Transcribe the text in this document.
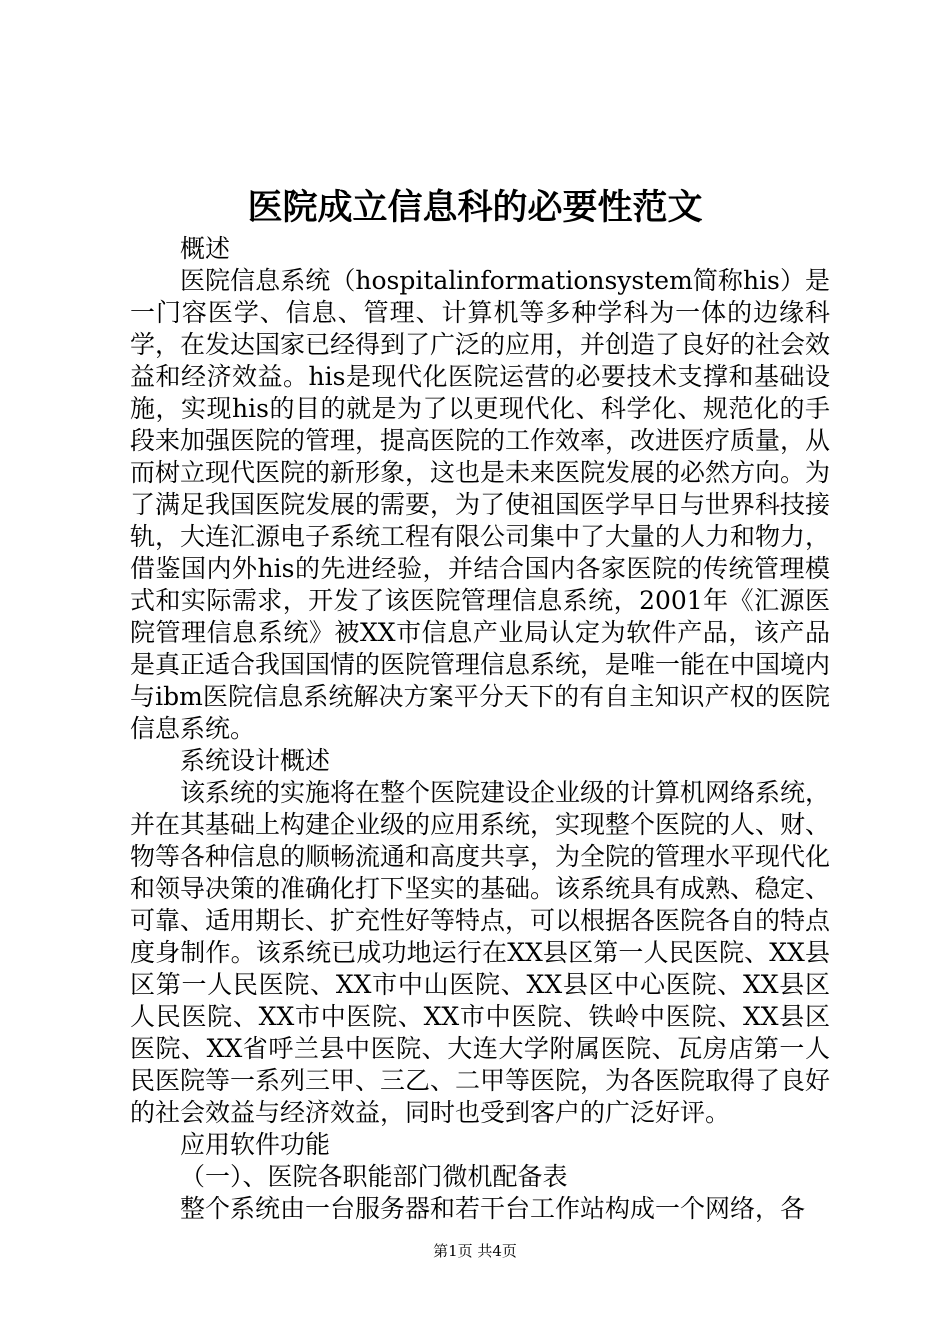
医院成立信息科的必要性范文

概述

医院信息系统（hospitalinformationsystem简称his）是一门容医学、信息、管理、计算机等多种学科为一体的边缘科学，在发达国家已经得到了广泛的应用，并创造了良好的社会效益和经济效益。his是现代化医院运营的必要技术支撑和基础设施，实现his的目的就是为了以更现代化、科学化、规范化的手段来加强医院的管理，提高医院的工作效率，改进医疗质量，从而树立现代医院的新形象，这也是未来医院发展的必然方向。为了满足我国医院发展的需要，为了使祖国医学早日与世界科技接轨，大连汇源电子系统工程有限公司集中了大量的人力和物力，借鉴国内外his的先进经验，并结合国内各家医院的传统管理模式和实际需求，开发了该医院管理信息系统，2001年《汇源医院管理信息系统》被XX市信息产业局认定为软件产品，该产品是真正适合我国国情的医院管理信息系统，是唯一能在中国境内与ibm医院信息系统解决方案平分天下的有自主知识产权的医院信息系统。

系统设计概述

该系统的实施将在整个医院建设企业级的计算机网络系统，并在其基础上构建企业级的应用系统，实现整个医院的人、财、物等各种信息的顺畅流通和高度共享，为全院的管理水平现代化和领导决策的准确化打下坚实的基础。该系统具有成熟、稳定、可靠、适用期长、扩充性好等特点，可以根据各医院各自的特点度身制作。该系统已成功地运行在XX县区第一人民医院、XX县区第一人民医院、XX市中山医院、XX县区中心医院、XX县区人民医院、XX市中医院、XX市中医院、铁岭中医院、XX县区医院、XX省呼兰县中医院、大连大学附属医院、瓦房店第一人民医院等一系列三甲、三乙、二甲等医院，为各医院取得了良好的社会效益与经济效益，同时也受到客户的广泛好评。

应用软件功能

（一）、医院各职能部门微机配备表

整个系统由一台服务器和若干台工作站构成一个网络，各

第1页 共4页
